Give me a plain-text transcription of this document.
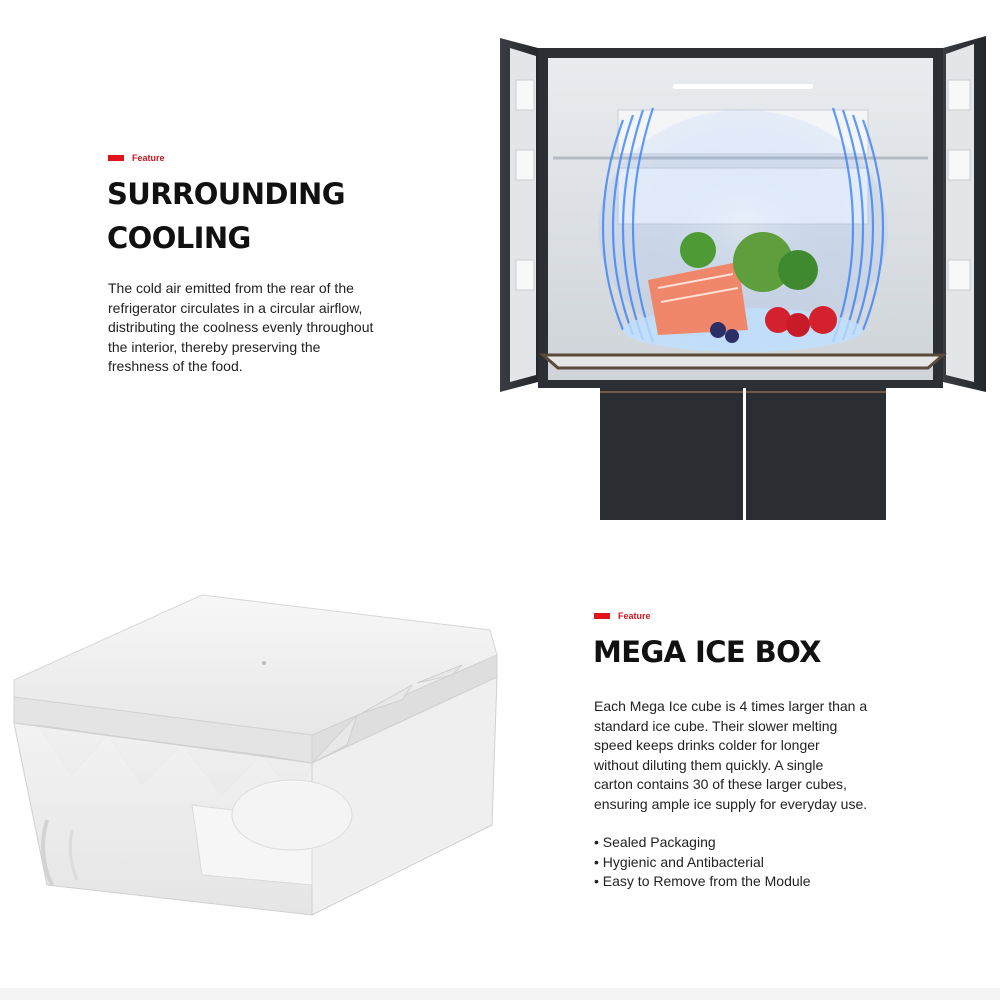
Feature
SURROUNDING
COOLING
The cold air emitted from the rear of the
refrigerator circulates in a circular airflow,
distributing the coolness evenly throughout
the interior, thereby preserving the
freshness of the food.
Feature
MEGA ICE BOX
Each Mega Ice cube is 4 times larger than a
standard ice cube. Their slower melting
speed keeps drinks colder for longer
without diluting them quickly. A single
carton contains 30 of these larger cubes,
ensuring ample ice supply for everyday use.
• Sealed Packaging
• Hygienic and Antibacterial
• Easy to Remove from the Module
